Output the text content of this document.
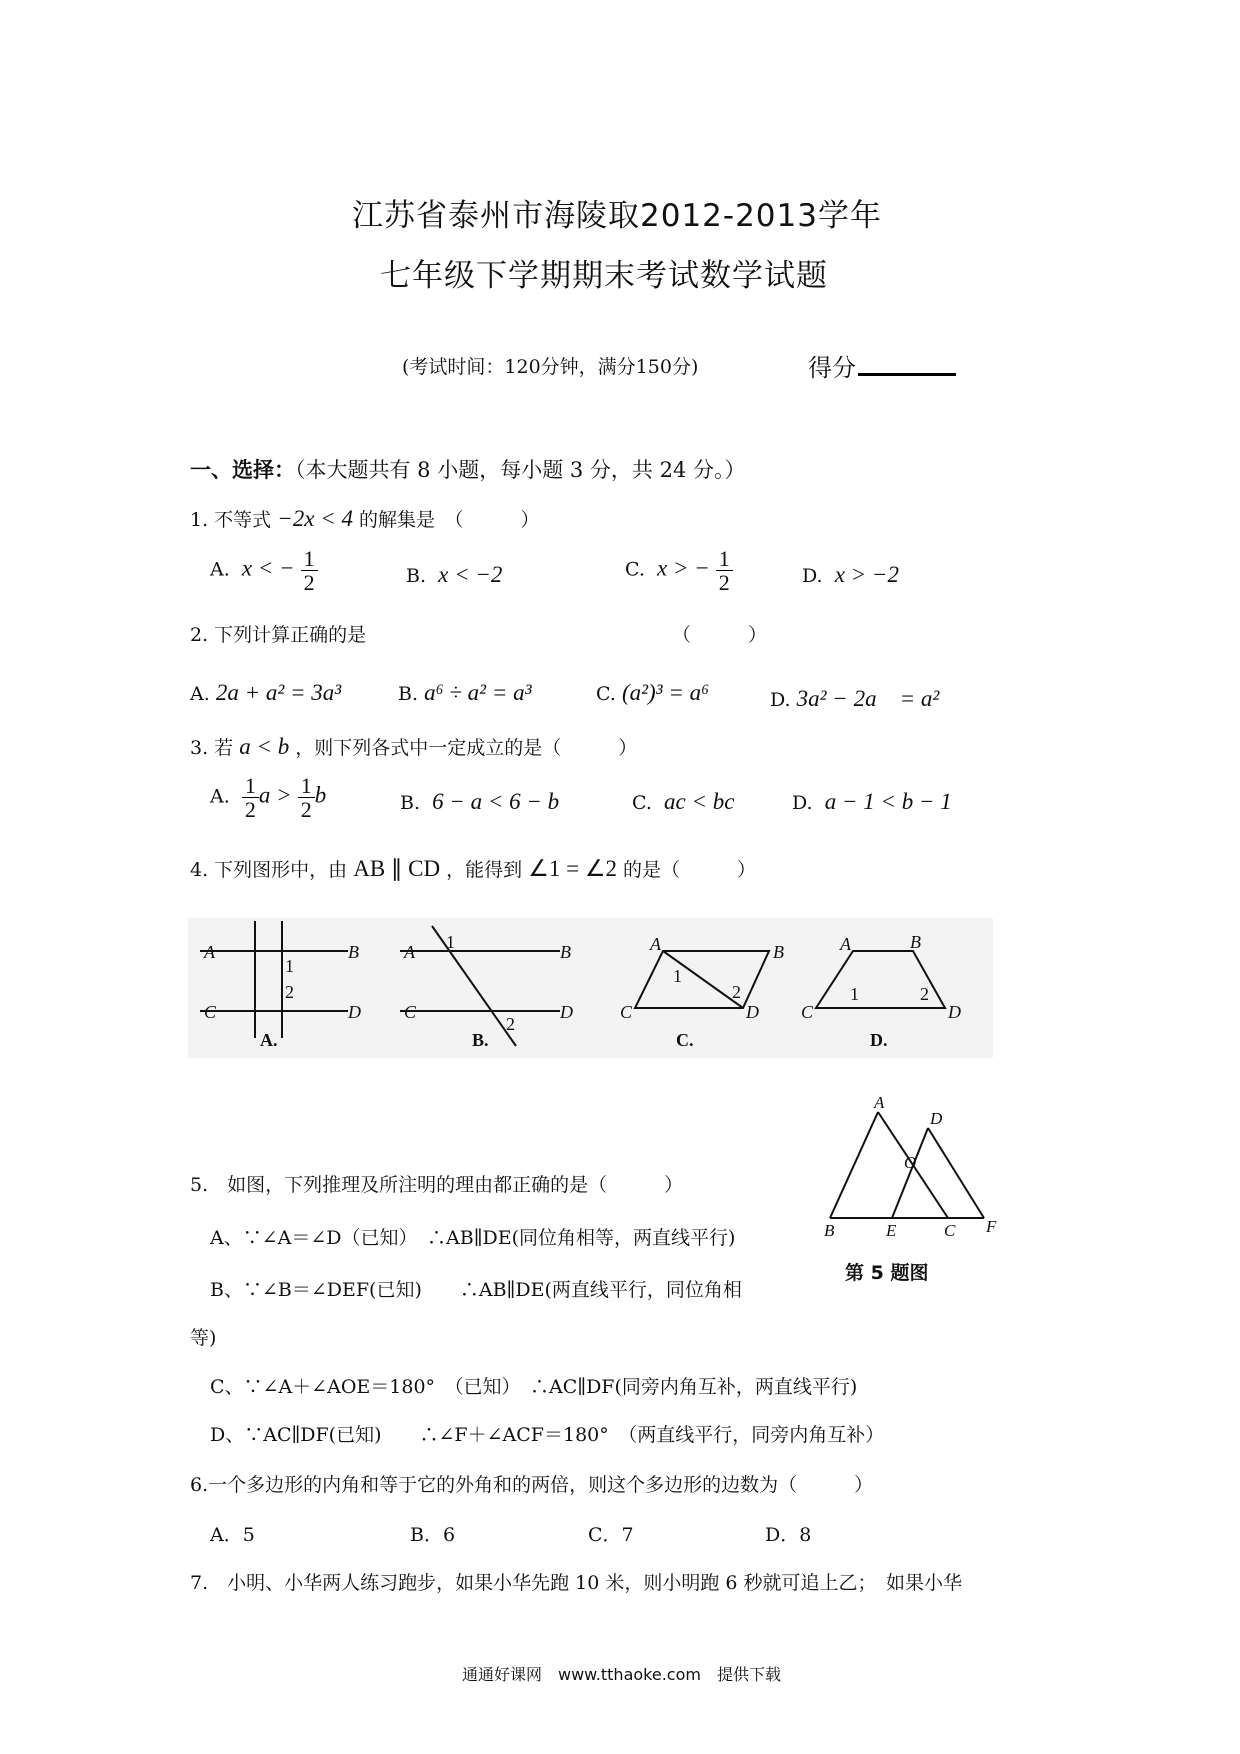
江苏省泰州市海陵取2012-2013学年
七年级下学期期末考试数学试题
(考试时间：120分钟，满分150分)	得分
一、选择：（本大题共有 8 小题，每小题 3 分，共 24 分。）
1. 不等式 −2x < 4 的解集是　（　　　）
A. x < − $\frac{1}{2}$	B. x < −2	C. x > − $\frac{1}{2}$	D. x > −2
2. 下列计算正确的是	（　　　）
A. 2a + a² = 3a³	B. a⁶ ÷ a² = a³	C. (a²)³ = a⁶	D. 3a² − 2a　= a²
3. 若 a < b ，则下列各式中一定成立的是（　　　）
A. $\frac{1}{2}$ $a > \frac{1}{2}$ b	B. 6 − a < 6 − b	C. ac < bc	D. a − 1 < b − 1
4. 下列图形中，由 AB ∥ CD ，能得到 ∠1 = ∠2 的是（　　　）
A	B
C	D
1
2
A	B
C	D
1
2
A	B
C	D
1
2
A	B
C	D
1	2
A.	B.	C.	D.
A
D
O
B	E	C F
第 5 题图
5.　如图，下列推理及所注明的理由都正确的是（　　　）
A、∵∠A＝∠D（已知）　∴AB∥DE(同位角相等，两直线平行)
B、∵∠B＝∠DEF(已知)　　∴AB∥DE(两直线平行，同位角相
等)
C、∵∠A＋∠AOE＝180°　（已知）　∴AC∥DF(同旁内角互补，两直线平行)
D、∵AC∥DF(已知)　　∴∠F＋∠ACF＝180°　（两直线平行，同旁内角互补）
6.一个多边形的内角和等于它的外角和的两倍，则这个多边形的边数为（　　　）
A．5	B．6	C．7	D．8
7.　小明、小华两人练习跑步，如果小华先跑 10 米，则小明跑 6 秒就可追上乙；　如果小华
通通好课网　www.tthaoke.com　提供下载
